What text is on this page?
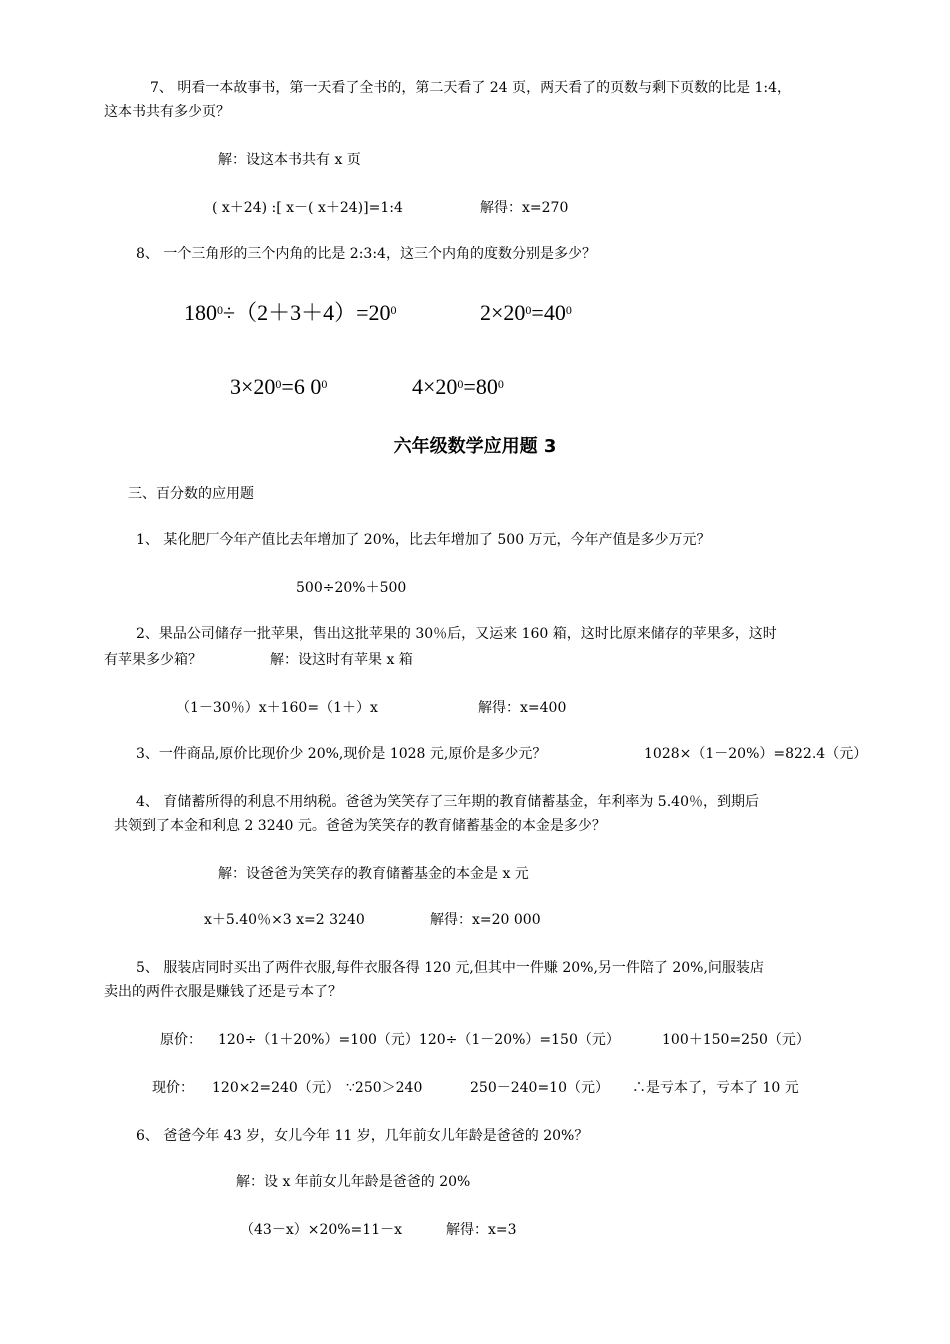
7、 明看一本故事书，第一天看了全书的，第二天看了 24 页，两天看了的页数与剩下页数的比是 1:4，
这本书共有多少页？
解：设这本书共有 x 页
( x＋24) :[ x－( x＋24)]=1:4	解得：x=270
8、 一个三角形的三个内角的比是 2:3:4，这三个内角的度数分别是多少？
$180^0\div(2+3+4)=20^0$	$2\times 20^0=40^0$
$3\times 20^0=6$ $0^0$	$4\times 20^0=80^0$
六年级数学应用题 3
三、百分数的应用题
1、 某化肥厂今年产值比去年增加了 20%，比去年增加了 500 万元，今年产值是多少万元？
500÷20%＋500
2、果品公司储存一批苹果，售出这批苹果的 30％后，又运来 160 箱，这时比原来储存的苹果多，这时
有苹果多少箱？	解：设这时有苹果 x 箱
（1－30％）x＋160=（1＋）x	解得：x=400
3、一件商品,原价比现价少 20%,现价是 1028 元,原价是多少元？	1028×（1－20%）=822.4（元）
4、 育储蓄所得的利息不用纳税。爸爸为笑笑存了三年期的教育储蓄基金，年利率为 5.40％，到期后
共领到了本金和利息 2 3240 元。爸爸为笑笑存的教育储蓄基金的本金是多少？
解：设爸爸为笑笑存的教育储蓄基金的本金是 x 元
x＋5.40％×3 x=2 3240	解得：x=20 000
5、 服装店同时买出了两件衣服,每件衣服各得 120 元,但其中一件赚 20%,另一件陪了 20%,问服装店
卖出的两件衣服是赚钱了还是亏本了？
原价： 120÷（1＋20%）=100（元）120÷（1－20%）=150（元）	100＋150=250（元）
现价： 120×2=240（元） ∵250＞240	250－240=10（元） ∴是亏本了，亏本了 10 元
6、 爸爸今年 43 岁，女儿今年 11 岁，几年前女儿年龄是爸爸的 20%？
解：设 x 年前女儿年龄是爸爸的 20%
（43－x）×20%=11－x	解得：x=3
